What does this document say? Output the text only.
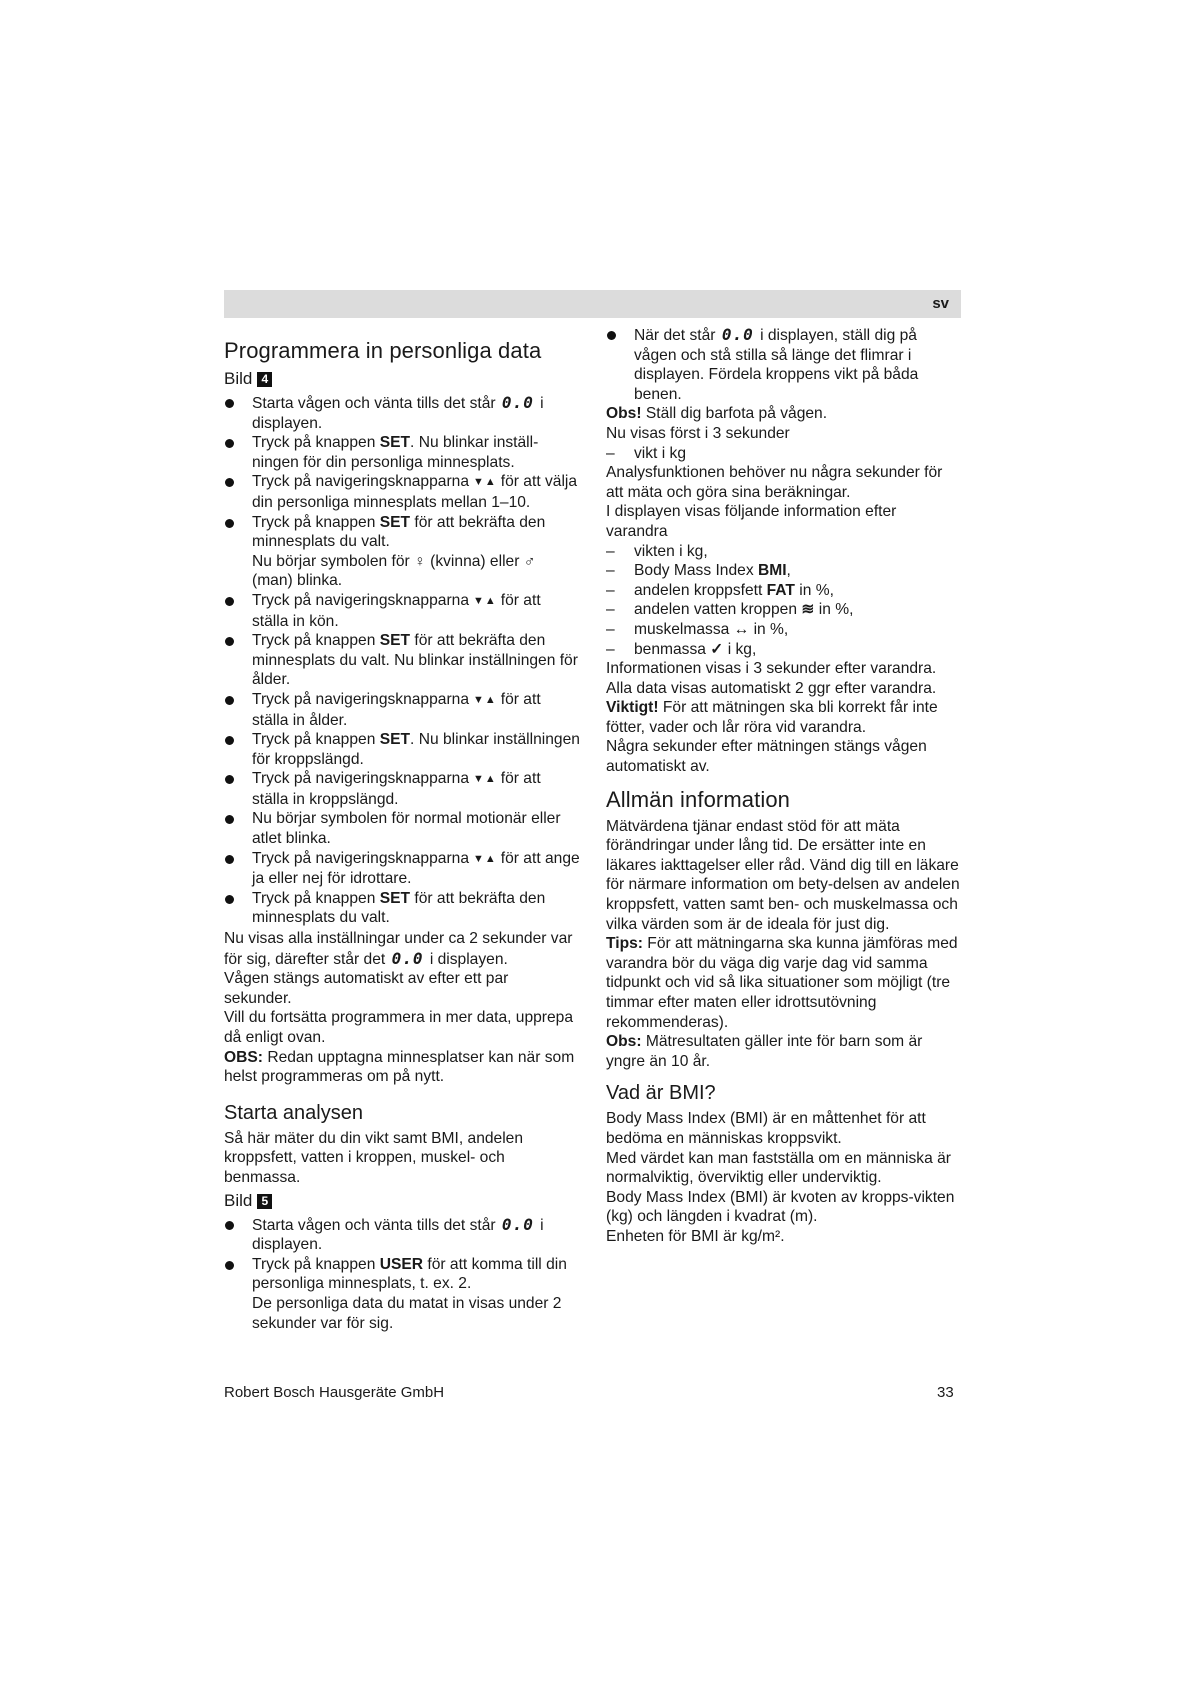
sv
Programmera in personliga data
Bild 4
Starta vågen och vänta tills det står 0.0 i displayen.
Tryck på knappen SET. Nu blinkar inställ-ningen för din personliga minnesplats.
Tryck på navigeringsknapparna ▼▲ för att välja din personliga minnesplats mellan 1–10.
Tryck på knappen SET för att bekräfta den minnesplats du valt.
Nu börjar symbolen för ♀ (kvinna) eller ♂ (man) blinka.
Tryck på navigeringsknapparna ▼▲ för att ställa in kön.
Tryck på knappen SET för att bekräfta den minnesplats du valt. Nu blinkar inställningen för ålder.
Tryck på navigeringsknapparna ▼▲ för att ställa in ålder.
Tryck på knappen SET. Nu blinkar inställningen för kroppslängd.
Tryck på navigeringsknapparna ▼▲ för att ställa in kroppslängd.
Nu börjar symbolen för normal motionär eller atlet blinka.
Tryck på navigeringsknapparna ▼▲ för att ange ja eller nej för idrottare.
Tryck på knappen SET för att bekräfta den minnesplats du valt.

Nu visas alla inställningar under ca 2 sekunder var för sig, därefter står det 0.0 i displayen.

Vågen stängs automatiskt av efter ett par sekunder.

Vill du fortsätta programmera in mer data, upprepa då enligt ovan.

OBS: Redan upptagna minnesplatser kan när som helst programmeras om på nytt.

Starta analysen

Så här mäter du din vikt samt BMI, andelen kroppsfett, vatten i kroppen, muskel- och benmassa.

Bild 5
Starta vågen och vänta tills det står 0.0 i displayen.
Tryck på knappen USER för att komma till din personliga minnesplats, t. ex. 2.
De personliga data du matat in visas under 2 sekunder var för sig.
När det står 0.0 i displayen, ställ dig på vågen och stå stilla så länge det flimrar i displayen. Fördela kroppens vikt på båda benen.

Obs! Ställ dig barfota på vågen.

Nu visas först i 3 sekunder

– vikt i kg

Analysfunktionen behöver nu några sekunder för att mäta och göra sina beräkningar.

I displayen visas följande information efter varandra

– vikten i kg,
– Body Mass Index BMI,
– andelen kroppsfett FAT in %,
– andelen vatten kroppen ≋ in %,
– muskelmassa ↔ in %,
– benmassa ✓ i kg,

Informationen visas i 3 sekunder efter varandra.

Alla data visas automatiskt 2 ggr efter varandra.

Viktigt! För att mätningen ska bli korrekt får inte fötter, vader och lår röra vid varandra.

Några sekunder efter mätningen stängs vågen automatiskt av.

Allmän information

Mätvärdena tjänar endast stöd för att mäta förändringar under lång tid. De ersätter inte en läkares iakttagelser eller råd. Vänd dig till en läkare för närmare information om bety-delsen av andelen kroppsfett, vatten samt ben- och muskelmassa och vilka värden som är de ideala för just dig.

Tips: För att mätningarna ska kunna jämföras med varandra bör du väga dig varje dag vid samma tidpunkt och vid så lika situationer som möjligt (tre timmar efter maten eller idrottsutövning rekommenderas).

Obs: Mätresultaten gäller inte för barn som är yngre än 10 år.

Vad är BMI?

Body Mass Index (BMI) är en måttenhet för att bedöma en människas kroppsvikt.

Med värdet kan man fastställa om en människa är normalviktig, överviktig eller underviktig.

Body Mass Index (BMI) är kvoten av kropps-vikten (kg) och längden i kvadrat (m).

Enheten för BMI är kg/m².

Robert Bosch Hausgeräte GmbH	33
